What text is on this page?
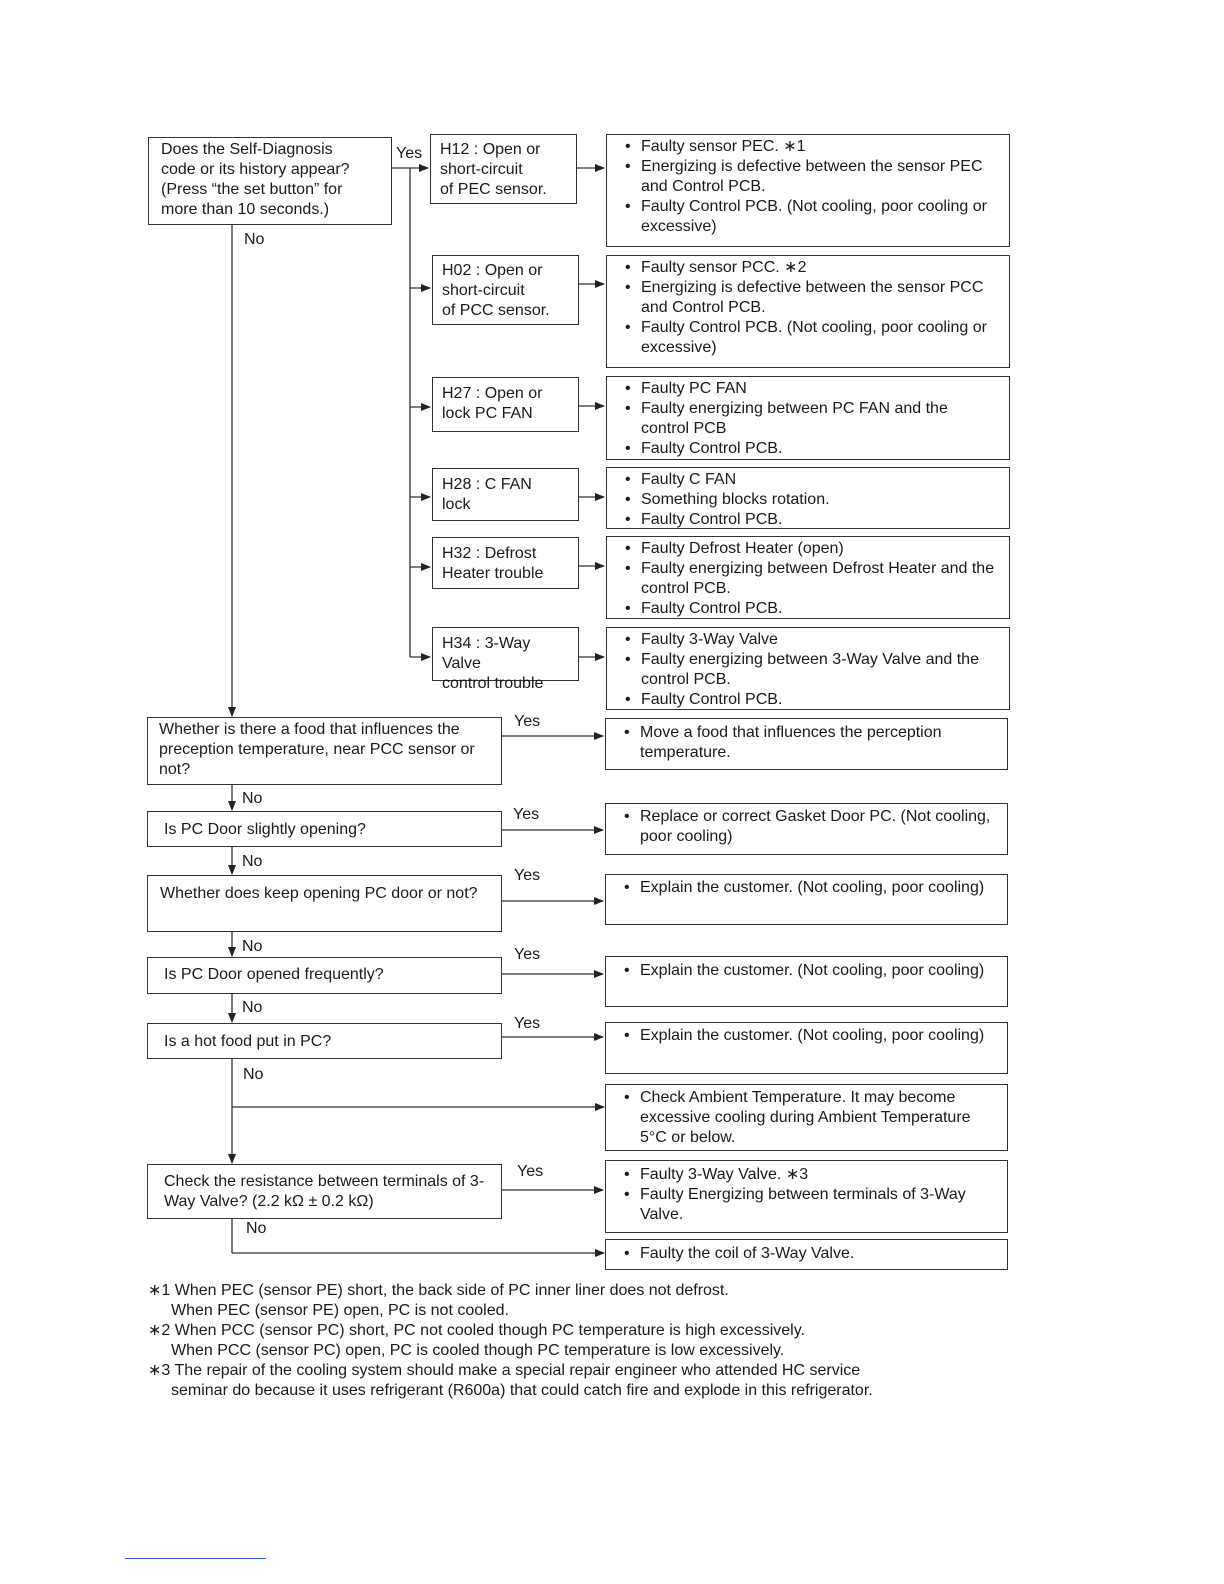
Does the Self-Diagnosis
code or its history appear?
(Press “the set button” for
more than 10 seconds.)
Yes
No
H12 : Open or
short-circuit
of PEC sensor.
H02 : Open or
short-circuit
of PCC sensor.
H27 : Open or
lock PC FAN
H28 : C FAN
lock
H32 : Defrost
Heater trouble
H34 : 3-Way Valve
control trouble
• Faulty sensor PEC. ∗1
• Energizing is defective between the sensor PEC and Control PCB.
• Faulty Control PCB. (Not cooling, poor cooling or excessive)
• Faulty sensor PCC. ∗2
• Energizing is defective between the sensor PCC and Control PCB.
• Faulty Control PCB. (Not cooling, poor cooling or excessive)
• Faulty PC FAN
• Faulty energizing between PC FAN and the control PCB
• Faulty Control PCB.
• Faulty C FAN
• Something blocks rotation.
• Faulty Control PCB.
• Faulty Defrost Heater (open)
• Faulty energizing between Defrost Heater and the control PCB.
• Faulty Control PCB.
• Faulty 3-Way Valve
• Faulty energizing between 3-Way Valve and the control PCB.
• Faulty Control PCB.
Whether is there a food that influences the preception temperature, near PCC sensor or not?
Is PC Door slightly opening?
Whether does keep opening PC door or not?
Is PC Door opened frequently?
Is a hot food put in PC?
Check the resistance between terminals of 3-Way Valve? (2.2 kΩ ± 0.2 kΩ)
• Move a food that influences the perception temperature.
• Replace or correct Gasket Door PC. (Not cooling, poor cooling)
• Explain the customer. (Not cooling, poor cooling)
• Explain the customer. (Not cooling, poor cooling)
• Explain the customer. (Not cooling, poor cooling)
• Check Ambient Temperature. It may become excessive cooling during Ambient Temperature 5°C or below.
• Faulty 3-Way Valve. ∗3
• Faulty Energizing between terminals of 3-Way Valve.
• Faulty the coil of 3-Way Valve.
Yes
No
Yes
No
Yes
No	Yes
No
Yes
No
Yes
No
∗1 When PEC (sensor PE) short, the back side of PC inner liner does not defrost.
When PEC (sensor PE) open, PC is not cooled.
∗2 When PCC (sensor PC) short, PC not cooled though PC temperature is high excessively.
When PCC (sensor PC) open, PC is cooled though PC temperature is low excessively.
∗3 The repair of the cooling system should make a special repair engineer who attended HC service
seminar do because it uses refrigerant (R600a) that could catch fire and explode in this refrigerator.
